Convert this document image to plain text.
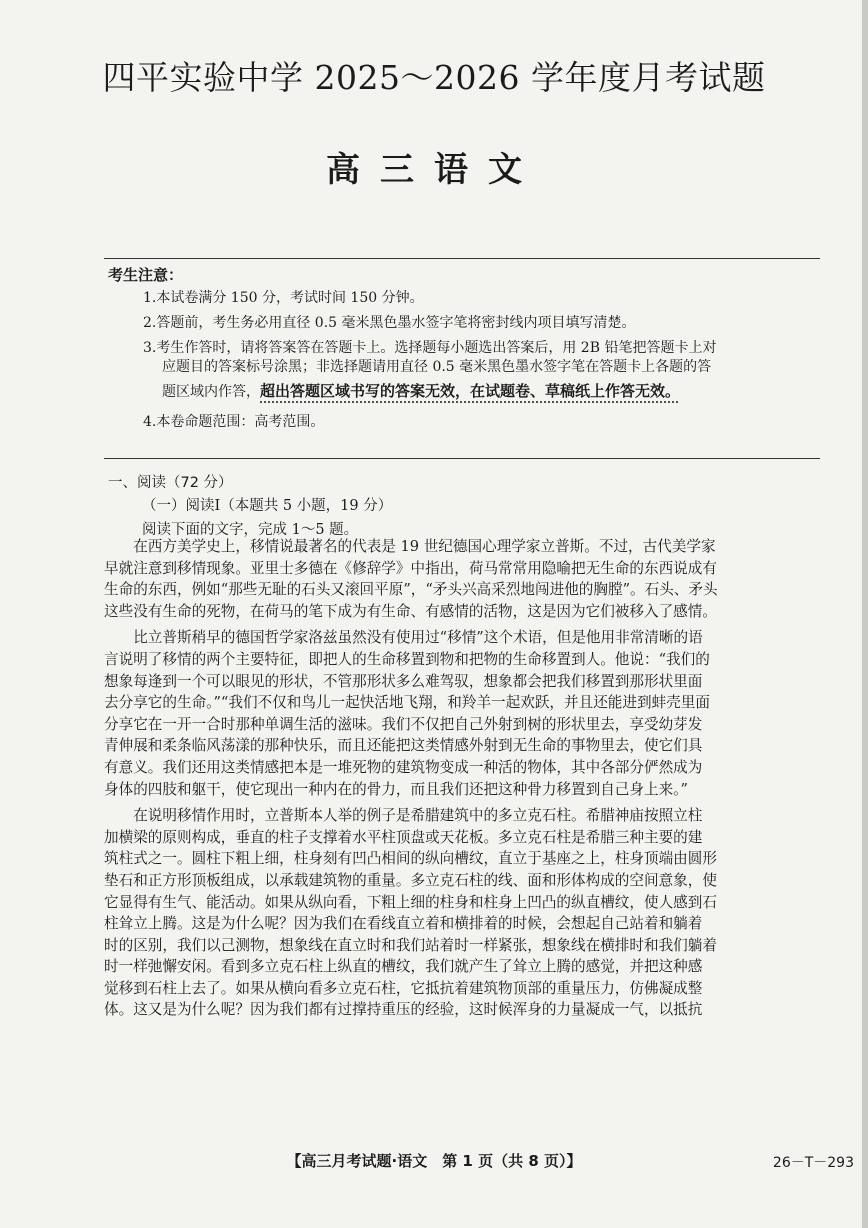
四平实验中学 2025～2026 学年度月考试题
高三语文
考生注意：
1.本试卷满分 150 分，考试时间 150 分钟。
2.答题前，考生务必用直径 0.5 毫米黑色墨水签字笔将密封线内项目填写清楚。
3.考生作答时，请将答案答在答题卡上。选择题每小题选出答案后，用 2B 铅笔把答题卡上对
应题目的答案标号涂黑；非选择题请用直径 0.5 毫米黑色墨水签字笔在答题卡上各题的答
题区域内作答，超出答题区域书写的答案无效，在试题卷、草稿纸上作答无效。
4.本卷命题范围：高考范围。
一、阅读（72 分）
（一）阅读Ⅰ（本题共 5 小题，19 分）
阅读下面的文字，完成 1～5 题。
　　在西方美学史上，移情说最著名的代表是 19 世纪德国心理学家立普斯。不过，古代美学家
早就注意到移情现象。亚里士多德在《修辞学》中指出，荷马常常用隐喻把无生命的东西说成有
生命的东西，例如“那些无耻的石头又滚回平原”，“矛头兴高采烈地闯进他的胸膛”。石头、矛头
这些没有生命的死物，在荷马的笔下成为有生命、有感情的活物，这是因为它们被移入了感情。
　　比立普斯稍早的德国哲学家洛兹虽然没有使用过“移情”这个术语，但是他用非常清晰的语
言说明了移情的两个主要特征，即把人的生命移置到物和把物的生命移置到人。他说：“我们的
想象每逢到一个可以眼见的形状，不管那形状多么难驾驭，想象都会把我们移置到那形状里面
去分享它的生命。”“我们不仅和鸟儿一起快活地飞翔，和羚羊一起欢跃，并且还能进到蚌壳里面
分享它在一开一合时那种单调生活的滋味。我们不仅把自己外射到树的形状里去，享受幼芽发
青伸展和柔条临风荡漾的那种快乐，而且还能把这类情感外射到无生命的事物里去，使它们具
有意义。我们还用这类情感把本是一堆死物的建筑物变成一种活的物体，其中各部分俨然成为
身体的四肢和躯干，使它现出一种内在的骨力，而且我们还把这种骨力移置到自己身上来。”
　　在说明移情作用时，立普斯本人举的例子是希腊建筑中的多立克石柱。希腊神庙按照立柱
加横梁的原则构成，垂直的柱子支撑着水平柱顶盘或天花板。多立克石柱是希腊三种主要的建
筑柱式之一。圆柱下粗上细，柱身刻有凹凸相间的纵向槽纹，直立于基座之上，柱身顶端由圆形
垫石和正方形顶板组成，以承载建筑物的重量。多立克石柱的线、面和形体构成的空间意象，使
它显得有生气、能活动。如果从纵向看，下粗上细的柱身和柱身上凹凸的纵直槽纹，使人感到石
柱耸立上腾。这是为什么呢？因为我们在看线直立着和横排着的时候，会想起自己站着和躺着
时的区别，我们以己测物，想象线在直立时和我们站着时一样紧张，想象线在横排时和我们躺着
时一样弛懈安闲。看到多立克石柱上纵直的槽纹，我们就产生了耸立上腾的感觉，并把这种感
觉移到石柱上去了。如果从横向看多立克石柱，它抵抗着建筑物顶部的重量压力，仿佛凝成整
体。这又是为什么呢？因为我们都有过撑持重压的经验，这时候浑身的力量凝成一气，以抵抗
【高三月考试题·语文　第 1 页（共 8 页）】	26－T－293
